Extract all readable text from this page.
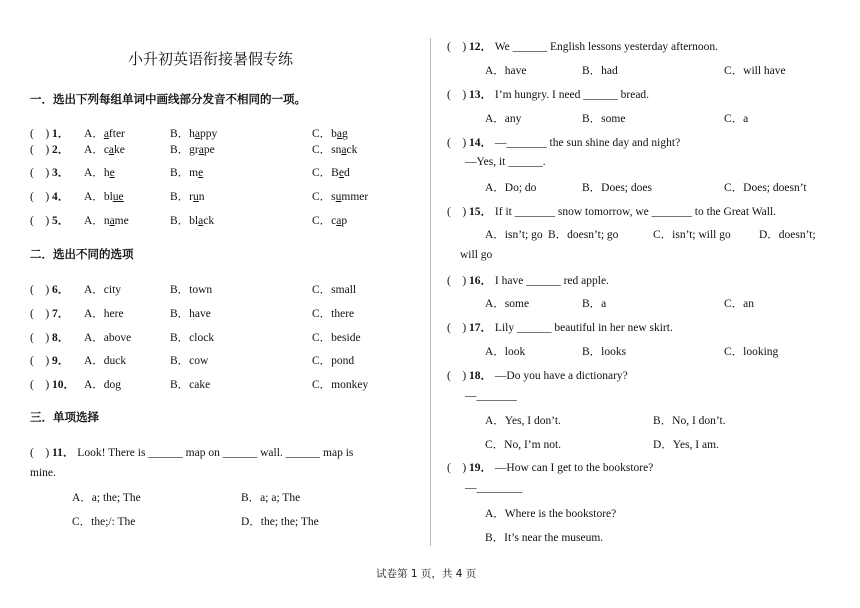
小升初英语衔接暑假专练
一．选出下列每组单词中画线部分发音不相同的一项。
(　) 1． A．after	B．happy	C．bag
(　) 2． A．cake	B．grape	C．snack
(　) 3． A．he	B．me	C．Bed
(　) 4． A．blue	B．run	C．summer
(　) 5． A．name	B．black	C．cap
二．选出不同的选项
(　) 6． A．city	B．town	C．small
(　) 7． A．here	B．have	C．there
(　) 8． A．above	B．clock	C．beside
(　) 9． A．duck	B．cow	C．pond
(　) 10． A．dog	B．cake	C．monkey
三．单项选择
(　) 11． Look! There is ______ map on ______ wall. ______ map is
mine.
A．a; the; The	B．a; a; The
C．the;/: The	D．the; the; The
(　) 12． We ______ English lessons yesterday afternoon.
A．have	B．had	C．will have
(　) 13． I’m hungry. I need ______ bread.
A．any	B．some	C．a
(　) 14． —_______ the sun shine day and night?
—Yes, it ______.
A．Do; do	B．Does; does	C．Does; doesn’t
(　) 15． If it _______ snow tomorrow, we _______ to the Great Wall.
A．isn’t; go B．doesn’t; go	C．isn’t; will go D．doesn’t;
will go
(　) 16． I have ______ red apple.
A．some	B．a	C．an
(　) 17． Lily ______ beautiful in her new skirt.
A．look	B．looks	C．looking
(　) 18． —Do you have a dictionary?
—_______
A．Yes, I don’t.	B．No, I don’t.
C．No, I’m not.	D．Yes, I am.
(　) 19． —How can I get to the bookstore?
—________
A．Where is the bookstore?
B．It’s near the museum.
试卷第 1 页，共 4 页
